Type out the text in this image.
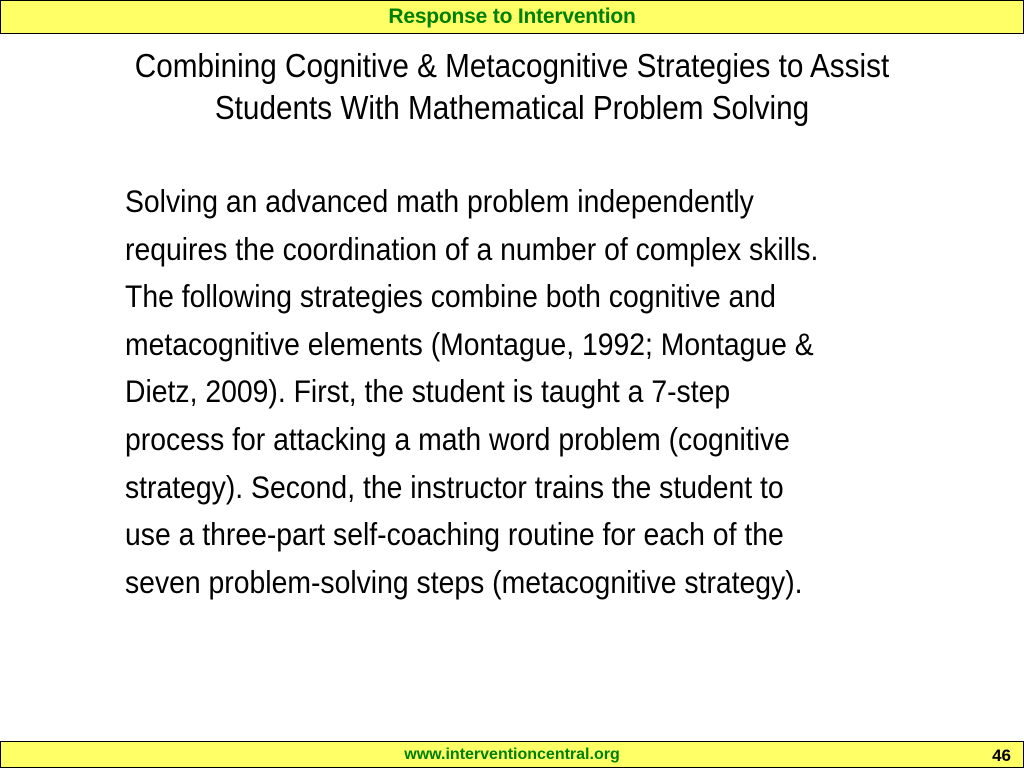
Response to Intervention
Combining Cognitive & Metacognitive Strategies to Assist
Students With Mathematical Problem Solving
Solving an advanced math problem independently
requires the coordination of a number of complex skills.
The following strategies combine both cognitive and
metacognitive elements (Montague, 1992; Montague &
Dietz, 2009). First, the student is taught a 7-step
process for attacking a math word problem (cognitive
strategy). Second, the instructor trains the student to
use a three-part self-coaching routine for each of the
seven problem-solving steps (metacognitive strategy).
www.interventioncentral.org	46
